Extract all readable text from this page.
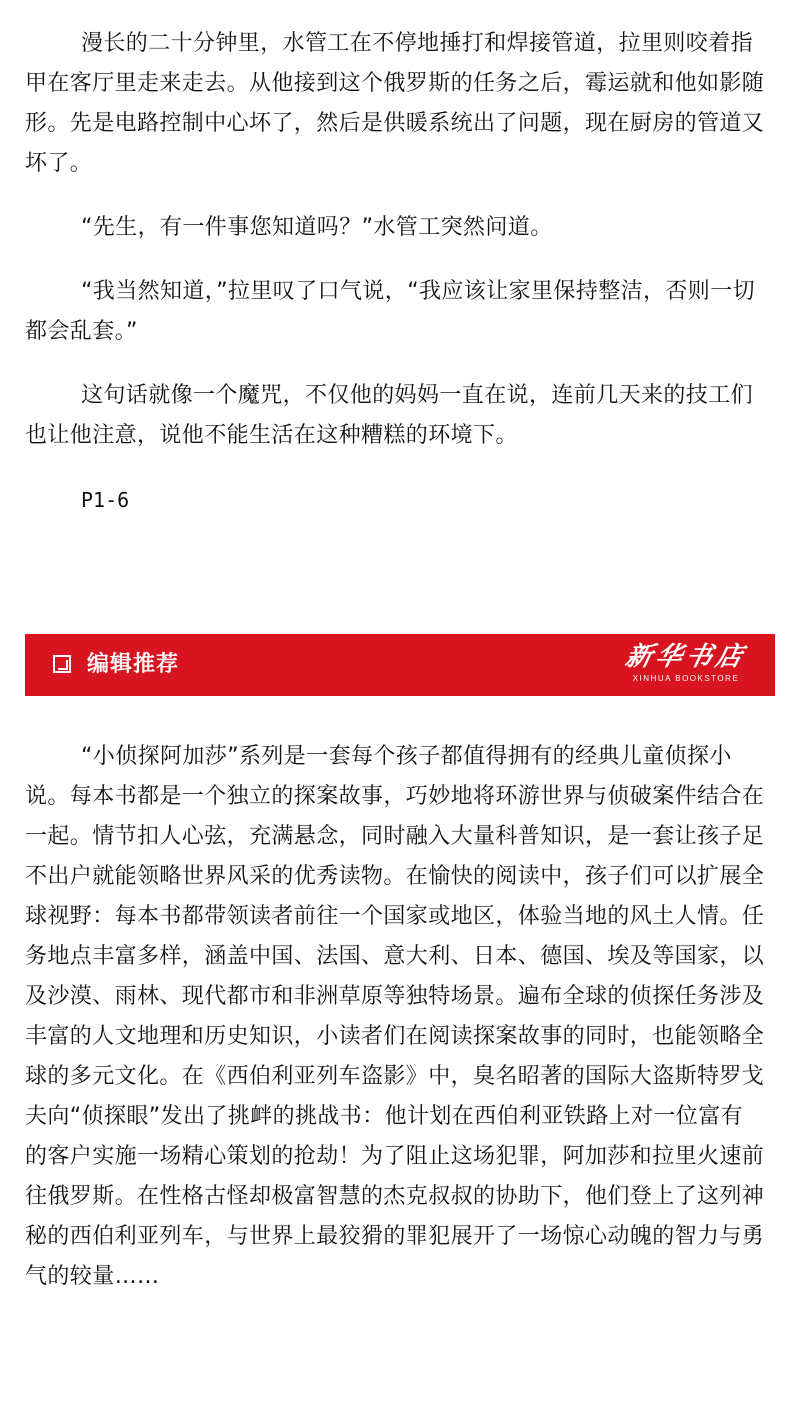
漫长的二十分钟里，水管工在不停地捶打和焊接管道，拉里则咬着指甲在客厅里走来走去。从他接到这个俄罗斯的任务之后，霉运就和他如影随形。先是电路控制中心坏了，然后是供暖系统出了问题，现在厨房的管道又坏了。

“先生，有一件事您知道吗？”水管工突然问道。

“我当然知道，”拉里叹了口气说，“我应该让家里保持整洁，否则一切都会乱套。”

这句话就像一个魔咒，不仅他的妈妈一直在说，连前几天来的技工们也让他注意，说他不能生活在这种糟糕的环境下。

P1-6

编辑推荐	新华书店
XINHUA BOOKSTORE

“小侦探阿加莎”系列是一套每个孩子都值得拥有的经典儿童侦探小说。每本书都是一个独立的探案故事，巧妙地将环游世界与侦破案件结合在一起。情节扣人心弦，充满悬念，同时融入大量科普知识，是一套让孩子足不出户就能领略世界风采的优秀读物。在愉快的阅读中，孩子们可以扩展全球视野：每本书都带领读者前往一个国家或地区，体验当地的风土人情。任务地点丰富多样，涵盖中国、法国、意大利、日本、德国、埃及等国家，以及沙漠、雨林、现代都市和非洲草原等独特场景。遍布全球的侦探任务涉及丰富的人文地理和历史知识，小读者们在阅读探案故事的同时，也能领略全球的多元文化。在《西伯利亚列车盗影》中，臭名昭著的国际大盗斯特罗戈夫向“侦探眼”发出了挑衅的挑战书：他计划在西伯利亚铁路上对一位富有的客户实施一场精心策划的抢劫！为了阻止这场犯罪，阿加莎和拉里火速前往俄罗斯。在性格古怪却极富智慧的杰克叔叔的协助下，他们登上了这列神秘的西伯利亚列车，与世界上最狡猾的罪犯展开了一场惊心动魄的智力与勇气的较量……
